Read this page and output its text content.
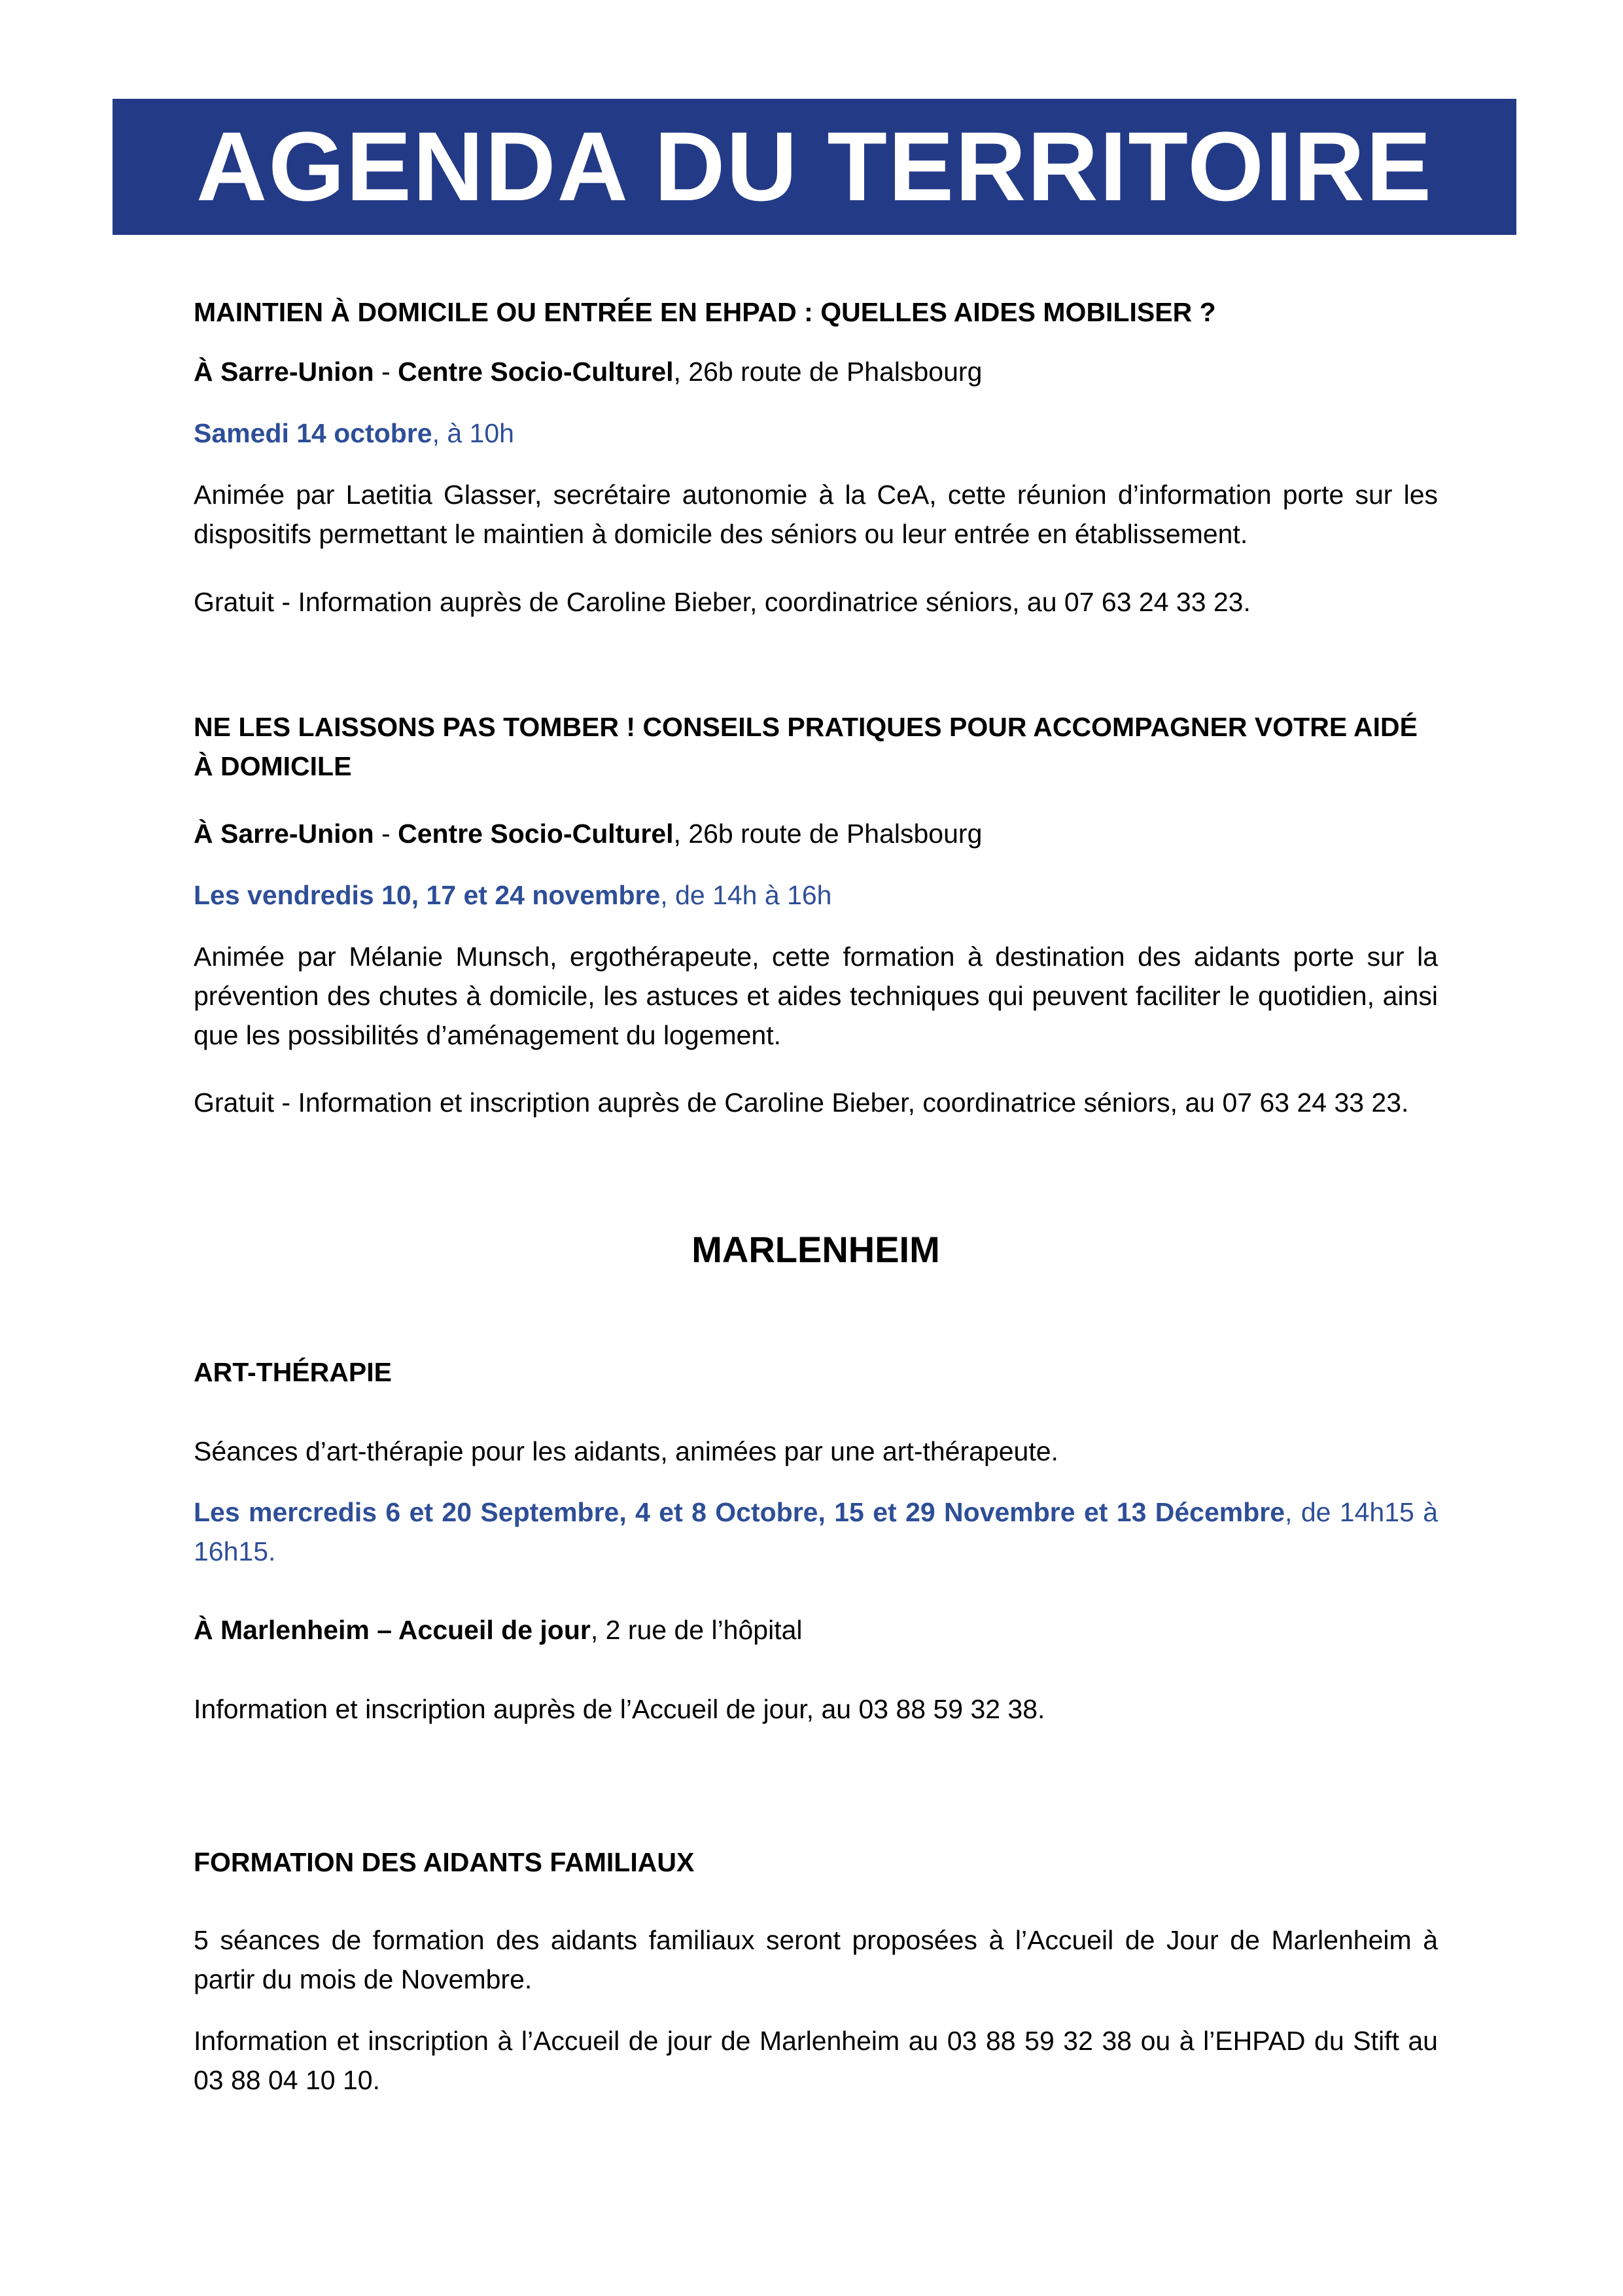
AGENDA DU TERRITOIRE
MAINTIEN À DOMICILE OU ENTRÉE EN EHPAD : QUELLES AIDES MOBILISER ?
À Sarre-Union - Centre Socio-Culturel, 26b route de Phalsbourg
Samedi 14 octobre, à 10h
Animée par Laetitia Glasser, secrétaire autonomie à la CeA, cette réunion d’information porte sur les dispositifs permettant le maintien à domicile des séniors ou leur entrée en établissement.
Gratuit - Information auprès de Caroline Bieber, coordinatrice séniors, au 07 63 24 33 23.
NE LES LAISSONS PAS TOMBER ! CONSEILS PRATIQUES POUR ACCOMPAGNER VOTRE AIDÉ À DOMICILE
À Sarre-Union - Centre Socio-Culturel, 26b route de Phalsbourg
Les vendredis 10, 17 et 24 novembre, de 14h à 16h
Animée par Mélanie Munsch, ergothérapeute, cette formation à destination des aidants porte sur la prévention des chutes à domicile, les astuces et aides techniques qui peuvent faciliter le quotidien, ainsi que les possibilités d’aménagement du logement.
Gratuit - Information et inscription auprès de Caroline Bieber, coordinatrice séniors, au 07 63 24 33 23.
MARLENHEIM
ART-THÉRAPIE
Séances d’art-thérapie pour les aidants, animées par une art-thérapeute.
Les mercredis 6 et 20 Septembre, 4 et 8 Octobre, 15 et 29 Novembre et 13 Décembre, de 14h15 à 16h15.
À Marlenheim – Accueil de jour, 2 rue de l’hôpital
Information et inscription auprès de l’Accueil de jour, au 03 88 59 32 38.
FORMATION DES AIDANTS FAMILIAUX
5 séances de formation des aidants familiaux seront proposées à l’Accueil de Jour de Marlenheim à partir du mois de Novembre.
Information et inscription à l’Accueil de jour de Marlenheim au 03 88 59 32 38 ou à l’EHPAD du Stift au 03 88 04 10 10.
